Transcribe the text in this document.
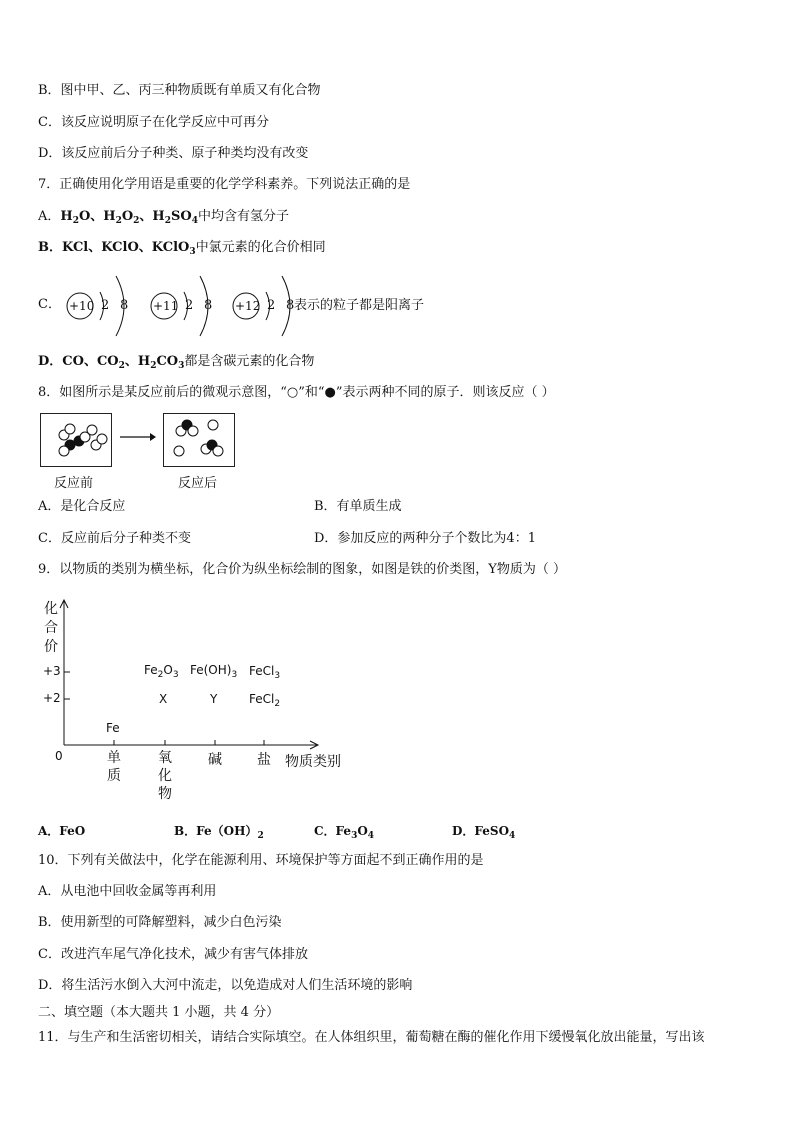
B．图中甲、乙、丙三种物质既有单质又有化合物
C．该反应说明原子在化学反应中可再分
D．该反应前后分子种类、原子种类均没有改变
7．正确使用化学用语是重要的化学学科素养。下列说法正确的是
A．$H_2O$、$H_2O_2$、$H_2SO_4$中均含有氢分子
B．KCl、KClO、KClO$_3$中氯元素的化合价相同
C． +10 2 8 +11 2 8 +12 2 8 表示的粒子都是阳离子
D．CO、$CO_2$、$H_2CO_3$都是含碳元素的化合物
8．如图所示是某反应前后的微观示意图，“○”和“●”表示两种不同的原子．则该反应（ ）
反应前	反应后
A．是化合反应	B．有单质生成
C．反应前后分子种类不变	D．参加反应的两种分子个数比为4：1
9．以物质的类别为横坐标，化合价为纵坐标绘制的图象，如图是铁的价类图，Y物质为（ ）
化
合
价
+3
+2
0	物质类别
单
质
氧
化
物
碱	盐
Fe
$Fe_2O_3$ $Fe(OH)_3$ FeCl$_3$
X	Y	FeCl$_2$
A．FeO	B．$Fe(OH)_2$	C．$Fe_3O_4$	D．FeSO$_4$
10．下列有关做法中，化学在能源利用、环境保护等方面起不到正确作用的是
A．从电池中回收金属等再利用
B．使用新型的可降解塑料，减少白色污染
C．改进汽车尾气净化技术，减少有害气体排放
D．将生活污水倒入大河中流走，以免造成对人们生活环境的影响
二、填空题（本大题共 1 小题，共 4 分）
11．与生产和生活密切相关，请结合实际填空。在人体组织里，葡萄糖在酶的催化作用下缓慢氧化放出能量，写出该
